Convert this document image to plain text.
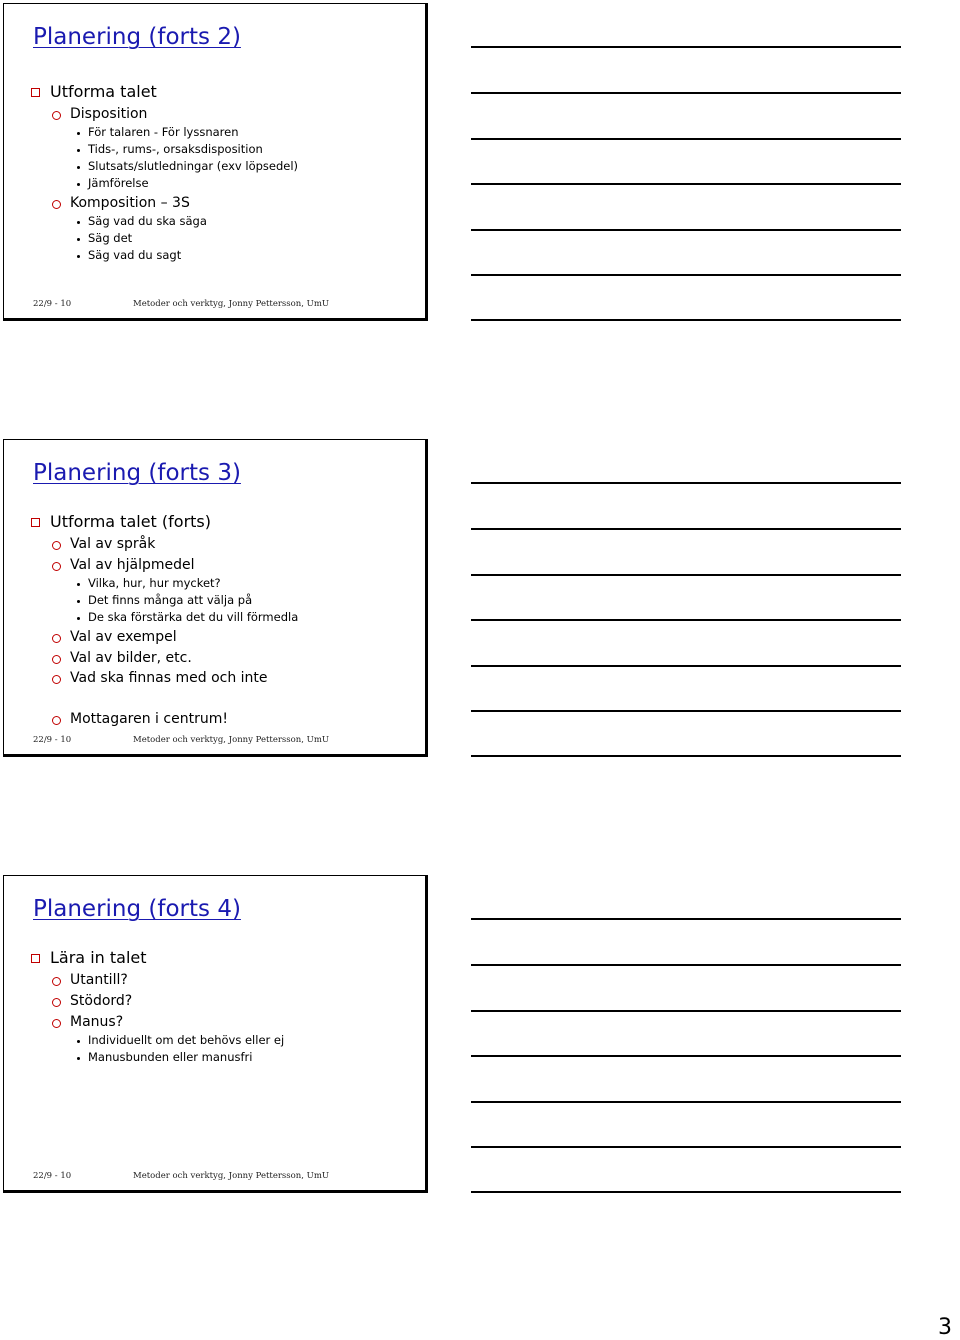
Planering (forts 2)
Utforma talet
Disposition
För talaren - För lyssnaren
Tids-, rums-, orsaksdisposition
Slutsats/slutledningar (exv löpsedel)
Jämförelse
Komposition – 3S
Säg vad du ska säga
Säg det
Säg vad du sagt
22/9 - 10	Metoder och verktyg, Jonny Pettersson, UmU
Planering (forts 3)
Utforma talet (forts)
Val av språk
Val av hjälpmedel
Vilka, hur, hur mycket?
Det finns många att välja på
De ska förstärka det du vill förmedla
Val av exempel
Val av bilder, etc.
Vad ska finnas med och inte
Mottagaren i centrum!
22/9 - 10	Metoder och verktyg, Jonny Pettersson, UmU
Planering (forts 4)
Lära in talet
Utantill?
Stödord?
Manus?
Individuellt om det behövs eller ej
Manusbunden eller manusfri
22/9 - 10	Metoder och verktyg, Jonny Pettersson, UmU
3
